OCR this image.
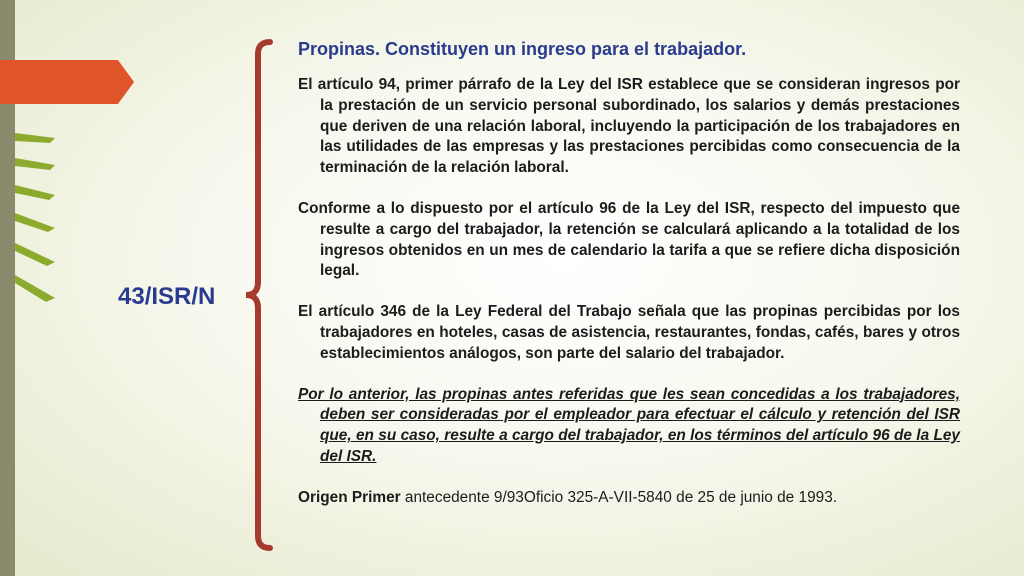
43/ISR/N
Propinas. Constituyen un ingreso para el trabajador.

El artículo 94, primer párrafo de la Ley del ISR establece que se consideran ingresos por la prestación de un servicio personal subordinado, los salarios y demás prestaciones que deriven de una relación laboral, incluyendo la participación de los trabajadores en las utilidades de las empresas y las prestaciones percibidas como consecuencia de la terminación de la relación laboral.

Conforme a lo dispuesto por el artículo 96 de la Ley del ISR, respecto del impuesto que resulte a cargo del trabajador, la retención se calculará aplicando a la totalidad de los ingresos obtenidos en un mes de calendario la tarifa a que se refiere dicha disposición legal.

El artículo 346 de la Ley Federal del Trabajo señala que las propinas percibidas por los trabajadores en hoteles, casas de asistencia, restaurantes, fondas, cafés, bares y otros establecimientos análogos, son parte del salario del trabajador.

Por lo anterior, las propinas antes referidas que les sean concedidas a los trabajadores, deben ser consideradas por el empleador para efectuar el cálculo y retención del ISR que, en su caso, resulte a cargo del trabajador, en los términos del artículo 96 de la Ley del ISR.

Origen Primer antecedente 9/93Oficio 325-A-VII-5840 de 25 de junio de 1993.
